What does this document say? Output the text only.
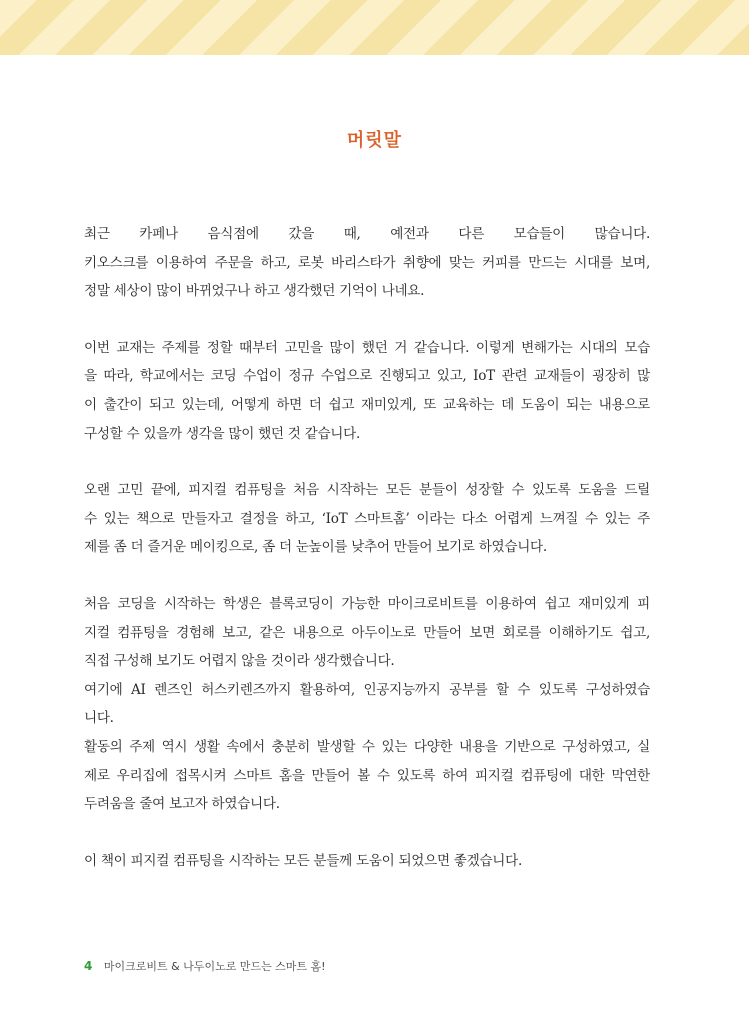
머릿말
최근 카페나 음식점에 갔을 때, 예전과 다른 모습들이 많습니다.
키오스크를 이용하여 주문을 하고, 로봇 바리스타가 취향에 맞는 커피를 만드는 시대를 보며,
정말 세상이 많이 바뀌었구나 하고 생각했던 기억이 나네요.
이번 교재는 주제를 정할 때부터 고민을 많이 했던 거 같습니다. 이렇게 변해가는 시대의 모습
을 따라, 학교에서는 코딩 수업이 정규 수업으로 진행되고 있고, IoT 관련 교재들이 굉장히 많
이 출간이 되고 있는데, 어떻게 하면 더 쉽고 재미있게, 또 교육하는 데 도움이 되는 내용으로
구성할 수 있을까 생각을 많이 했던 것 같습니다.
오랜 고민 끝에, 피지컬 컴퓨팅을 처음 시작하는 모든 분들이 성장할 수 있도록 도움을 드릴
수 있는 책으로 만들자고 결정을 하고, ‘IoT 스마트홈’ 이라는 다소 어렵게 느껴질 수 있는 주
제를 좀 더 즐거운 메이킹으로, 좀 더 눈높이를 낮추어 만들어 보기로 하였습니다.
처음 코딩을 시작하는 학생은 블록코딩이 가능한 마이크로비트를 이용하여 쉽고 재미있게 피
지컬 컴퓨팅을 경험해 보고, 같은 내용으로 아두이노로 만들어 보면 회로를 이해하기도 쉽고,
직접 구성해 보기도 어렵지 않을 것이라 생각했습니다.
여기에 AI 렌즈인 허스키렌즈까지 활용하여, 인공지능까지 공부를 할 수 있도록 구성하였습
니다.
활동의 주제 역시 생활 속에서 충분히 발생할 수 있는 다양한 내용을 기반으로 구성하였고, 실
제로 우리집에 접목시켜 스마트 홈을 만들어 볼 수 있도록 하여 피지컬 컴퓨팅에 대한 막연한
두려움을 줄여 보고자 하였습니다.
이 책이 피지컬 컴퓨팅을 시작하는 모든 분들께 도움이 되었으면 좋겠습니다.
4 마이크로비트 & 나두이노로 만드는 스마트 홈!
